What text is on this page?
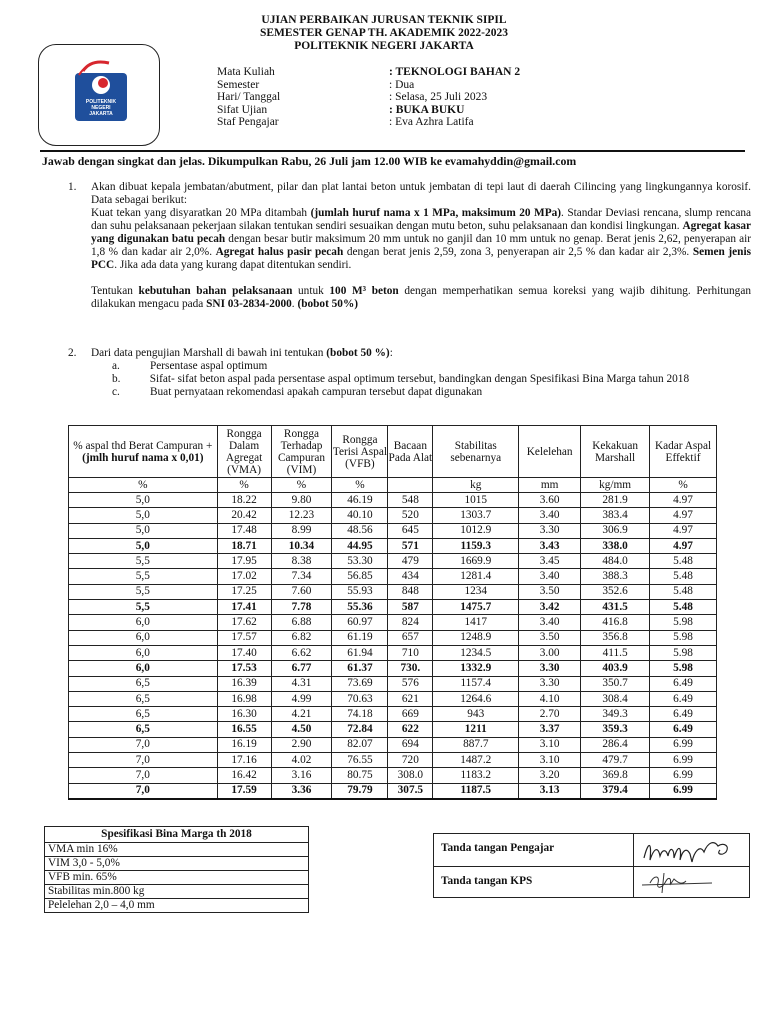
UJIAN PERBAIKAN JURUSAN TEKNIK SIPIL
SEMESTER GENAP TH. AKADEMIK 2022-2023
POLITEKNIK NEGERI JAKARTA
POLITEKNIK
NEGERI
JAKARTA
Mata Kuliah	: TEKNOLOGI BAHAN 2
Semester	: Dua
Hari/ Tanggal	: Selasa, 25 Juli 2023
Sifat Ujian	: BUKA BUKU
Staf Pengajar	: Eva Azhra Latifa
Jawab dengan singkat dan jelas. Dikumpulkan Rabu, 26 Juli jam 12.00 WIB ke evamahyddin@gmail.com
1. Akan dibuat kepala jembatan/abutment, pilar dan plat lantai beton untuk jembatan di tepi laut di daerah Cilincing yang lingkungannya korosif. Data sebagai berikut:

Kuat tekan yang disyaratkan 20 MPa ditambah (jumlah huruf nama x 1 MPa, maksimum 20 MPa). Standar Deviasi rencana, slump rencana dan suhu pelaksanaan pekerjaan silakan tentukan sendiri sesuaikan dengan mutu beton, suhu pelaksanaan dan kondisi lingkungan. Agregat kasar yang digunakan batu pecah dengan besar butir maksimum 20 mm untuk no ganjil dan 10 mm untuk no genap. Berat jenis 2,62, penyerapan air 1,8 % dan kadar air 2,0%. Agregat halus pasir pecah dengan berat jenis 2,59, zona 3, penyerapan air 2,5 % dan kadar air 2,3%. Semen jenis PCC. Jika ada data yang kurang dapat ditentukan sendiri.

Tentukan kebutuhan bahan pelaksanaan untuk 100 M³ beton dengan memperhatikan semua koreksi yang wajib dihitung. Perhitungan dilakukan mengacu pada SNI 03-2834-2000. (bobot 50%)

2. Dari data pengujian Marshall di bawah ini tentukan (bobot 50 %):
a.	Persentase aspal optimum
b.	Sifat- sifat beton aspal pada persentase aspal optimum tersebut, bandingkan dengan Spesifikasi Bina Marga tahun 2018
c.	Buat pernyataan rekomendasi apakah campuran tersebut dapat digunakan
% aspal thd Berat Campuran + (jmlh huruf nama x 0,01)	Rongga Dalam Agregat (VMA)	Rongga Terhadap Campuran (VIM)	Rongga Terisi Aspal (VFB)	Bacaan Pada Alat	Stabilitas sebenarnya	Kelelehan	Kekakuan Marshall	Kadar Aspal Effektif
%	%	%	%		kg	mm	kg/mm	%
5,0	18.22	9.80	46.19	548	1015	3.60	281.9	4.97
5,0	20.42	12.23	40.10	520	1303.7	3.40	383.4	4.97
5,0	17.48	8.99	48.56	645	1012.9	3.30	306.9	4.97
5,0	18.71	10.34	44.95	571	1159.3	3.43	338.0	4.97
5,5	17.95	8.38	53.30	479	1669.9	3.45	484.0	5.48
5,5	17.02	7.34	56.85	434	1281.4	3.40	388.3	5.48
5,5	17.25	7.60	55.93	848	1234	3.50	352.6	5.48
5,5	17.41	7.78	55.36	587	1475.7	3.42	431.5	5.48
6,0	17.62	6.88	60.97	824	1417	3.40	416.8	5.98
6,0	17.57	6.82	61.19	657	1248.9	3.50	356.8	5.98
6,0	17.40	6.62	61.94	710	1234.5	3.00	411.5	5.98
6,0	17.53	6.77	61.37	730.	1332.9	3.30	403.9	5.98
6,5	16.39	4.31	73.69	576	1157.4	3.30	350.7	6.49
6,5	16.98	4.99	70.63	621	1264.6	4.10	308.4	6.49
6,5	16.30	4.21	74.18	669	943	2.70	349.3	6.49
6,5	16.55	4.50	72.84	622	1211	3.37	359.3	6.49
7,0	16.19	2.90	82.07	694	887.7	3.10	286.4	6.99
7,0	17.16	4.02	76.55	720	1487.2	3.10	479.7	6.99
7,0	16.42	3.16	80.75	308.0	1183.2	3.20	369.8	6.99
7,0	17.59	3.36	79.79	307.5	1187.5	3.13	379.4	6.99
Spesifikasi Bina Marga th 2018
VMA min 16%
VIM 3,0 - 5,0%
VFB min. 65%
Stabilitas min.800 kg
Pelelehan 2,0 – 4,0 mm
Tanda tangan Pengajar
Tanda tangan KPS
